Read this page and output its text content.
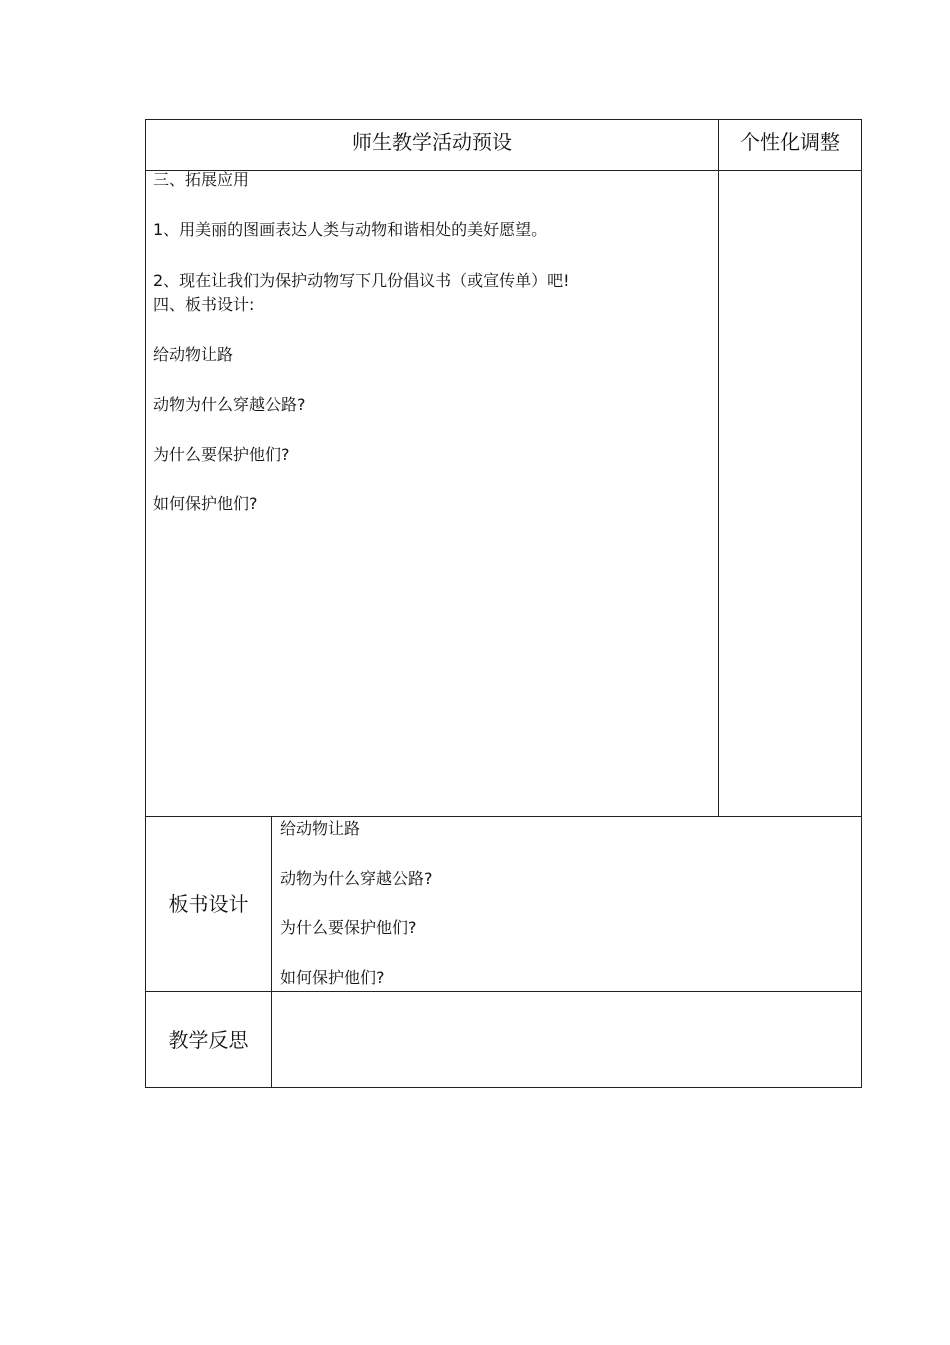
师生教学活动预设	个性化调整
三、拓展应用
1、用美丽的图画表达人类与动物和谐相处的美好愿望。
2、现在让我们为保护动物写下几份倡议书（或宣传单）吧!
四、板书设计:
给动物让路
动物为什么穿越公路?
为什么要保护他们?
如何保护他们?
板书设计
给动物让路
动物为什么穿越公路?
为什么要保护他们?
如何保护他们?
教学反思
